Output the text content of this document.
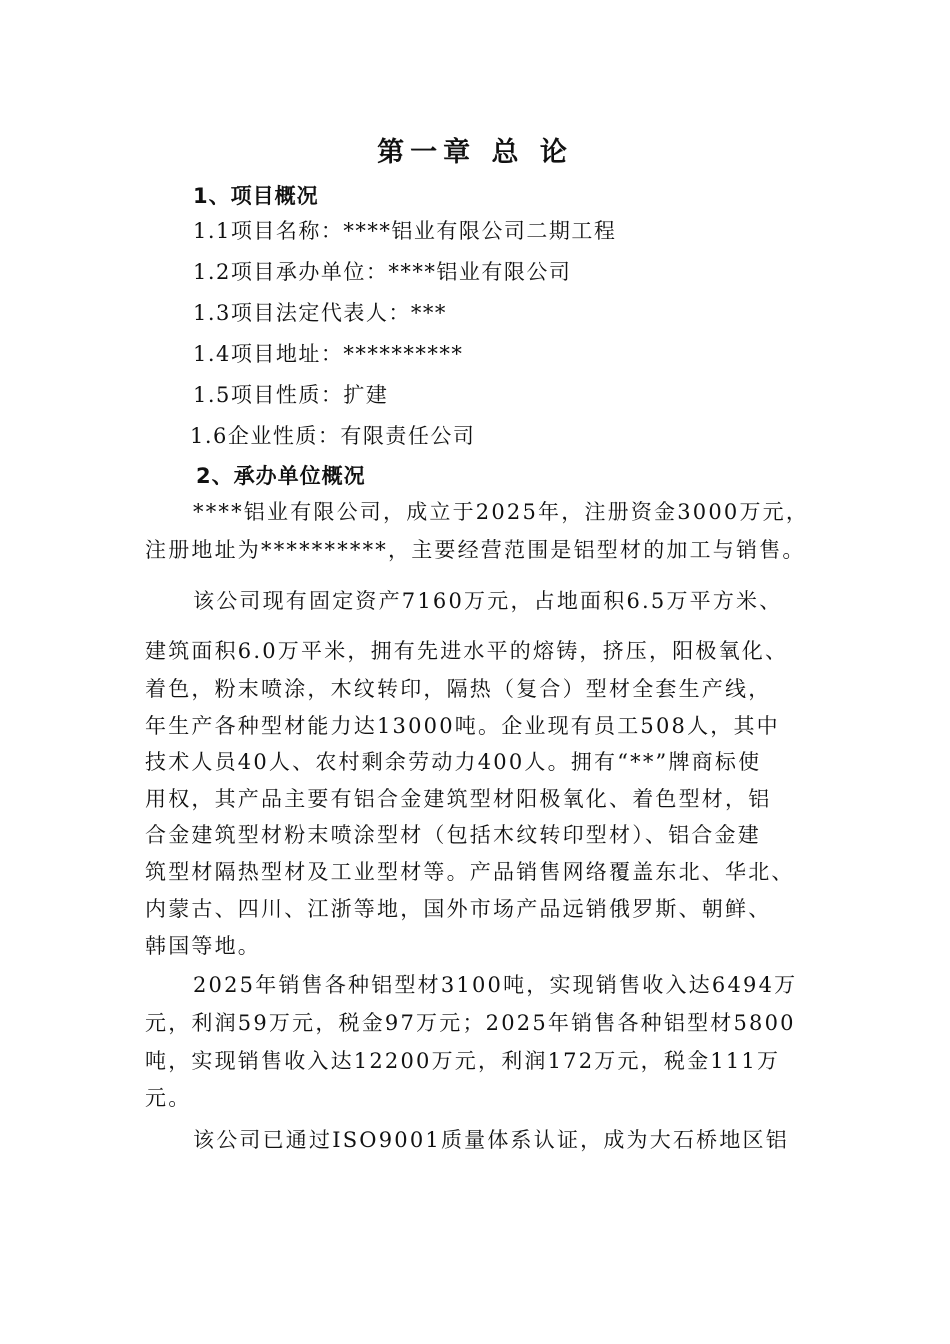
第一章 总 论
1、项目概况
1.1项目名称：****铝业有限公司二期工程
1.2项目承办单位：****铝业有限公司
1.3项目法定代表人：***
1.4项目地址：**********
1.5项目性质：扩建
1.6企业性质：有限责任公司
2、承办单位概况
****铝业有限公司，成立于2025年，注册资金3000万元，
注册地址为**********，主要经营范围是铝型材的加工与销售。
该公司现有固定资产7160万元，占地面积6.5万平方米、
建筑面积6.0万平米，拥有先进水平的熔铸，挤压，阳极氧化、
着色，粉末喷涂，木纹转印，隔热（复合）型材全套生产线，
年生产各种型材能力达13000吨。企业现有员工508人，其中
技术人员40人、农村剩余劳动力400人。拥有“**”牌商标使
用权，其产品主要有铝合金建筑型材阳极氧化、着色型材，铝
合金建筑型材粉末喷涂型材（包括木纹转印型材）、铝合金建
筑型材隔热型材及工业型材等。产品销售网络覆盖东北、华北、
内蒙古、四川、江浙等地，国外市场产品远销俄罗斯、朝鲜、
韩国等地。
2025年销售各种铝型材3100吨，实现销售收入达6494万
元，利润59万元，税金97万元；2025年销售各种铝型材5800
吨，实现销售收入达12200万元，利润172万元，税金111万
元。
该公司已通过ISO9001质量体系认证，成为大石桥地区铝
